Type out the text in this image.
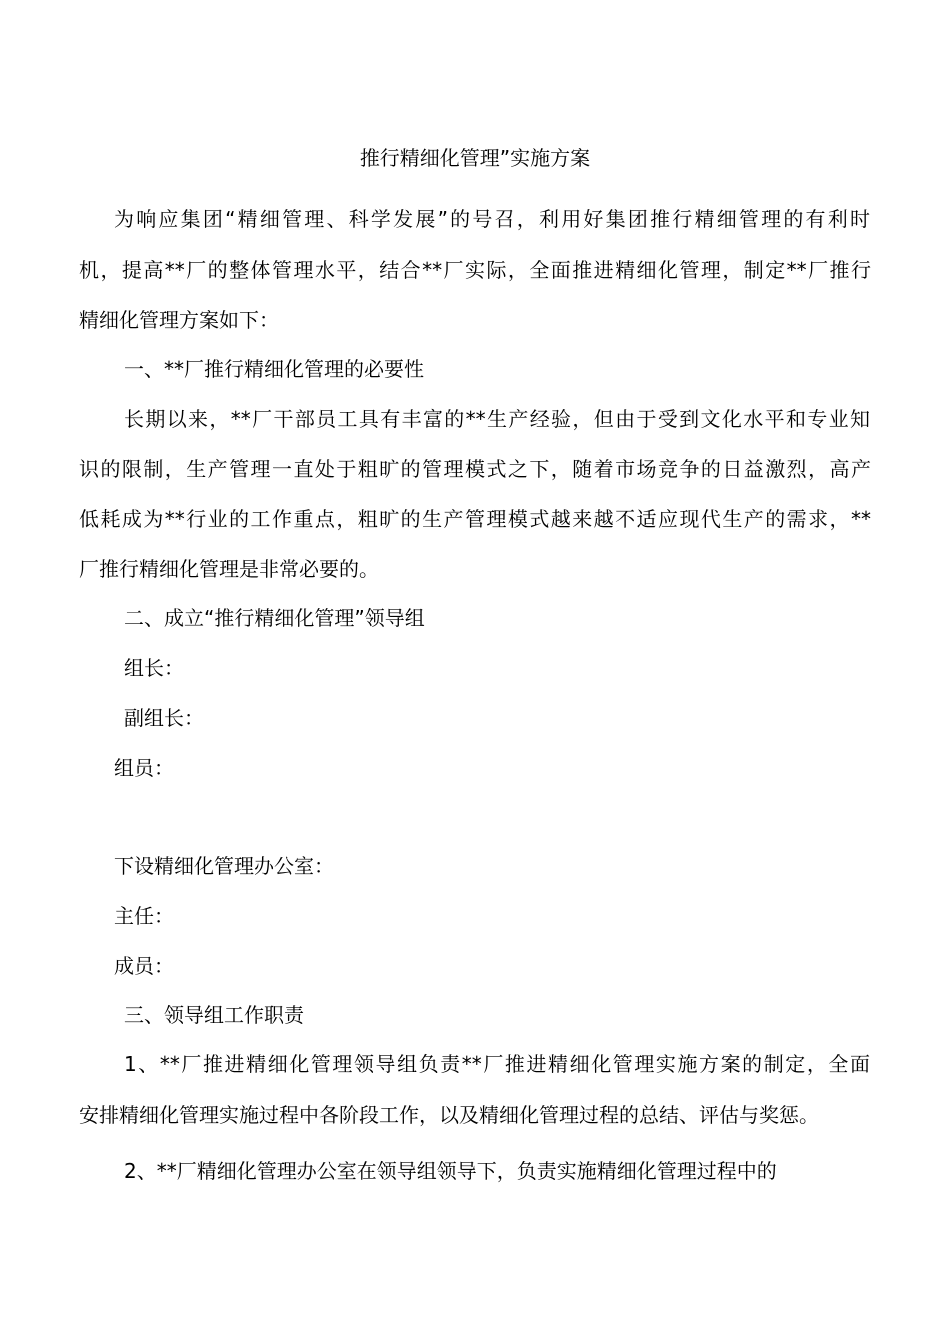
推行精细化管理”实施方案
为响应集团“精细管理、科学发展”的号召，利用好集团推行精细管理的有利时
机，提高**厂的整体管理水平，结合**厂实际，全面推进精细化管理，制定**厂推行
精细化管理方案如下：
一、**厂推行精细化管理的必要性
长期以来，**厂干部员工具有丰富的**生产经验，但由于受到文化水平和专业知
识的限制，生产管理一直处于粗旷的管理模式之下，随着市场竞争的日益激烈，高产
低耗成为**行业的工作重点，粗旷的生产管理模式越来越不适应现代生产的需求，**
厂推行精细化管理是非常必要的。
二、成立“推行精细化管理”领导组
组长：
副组长：
组员：
下设精细化管理办公室：
主任：
成员：
三、领导组工作职责
1、**厂推进精细化管理领导组负责**厂推进精细化管理实施方案的制定，全面
安排精细化管理实施过程中各阶段工作，以及精细化管理过程的总结、评估与奖惩。
2、**厂精细化管理办公室在领导组领导下，负责实施精细化管理过程中的
